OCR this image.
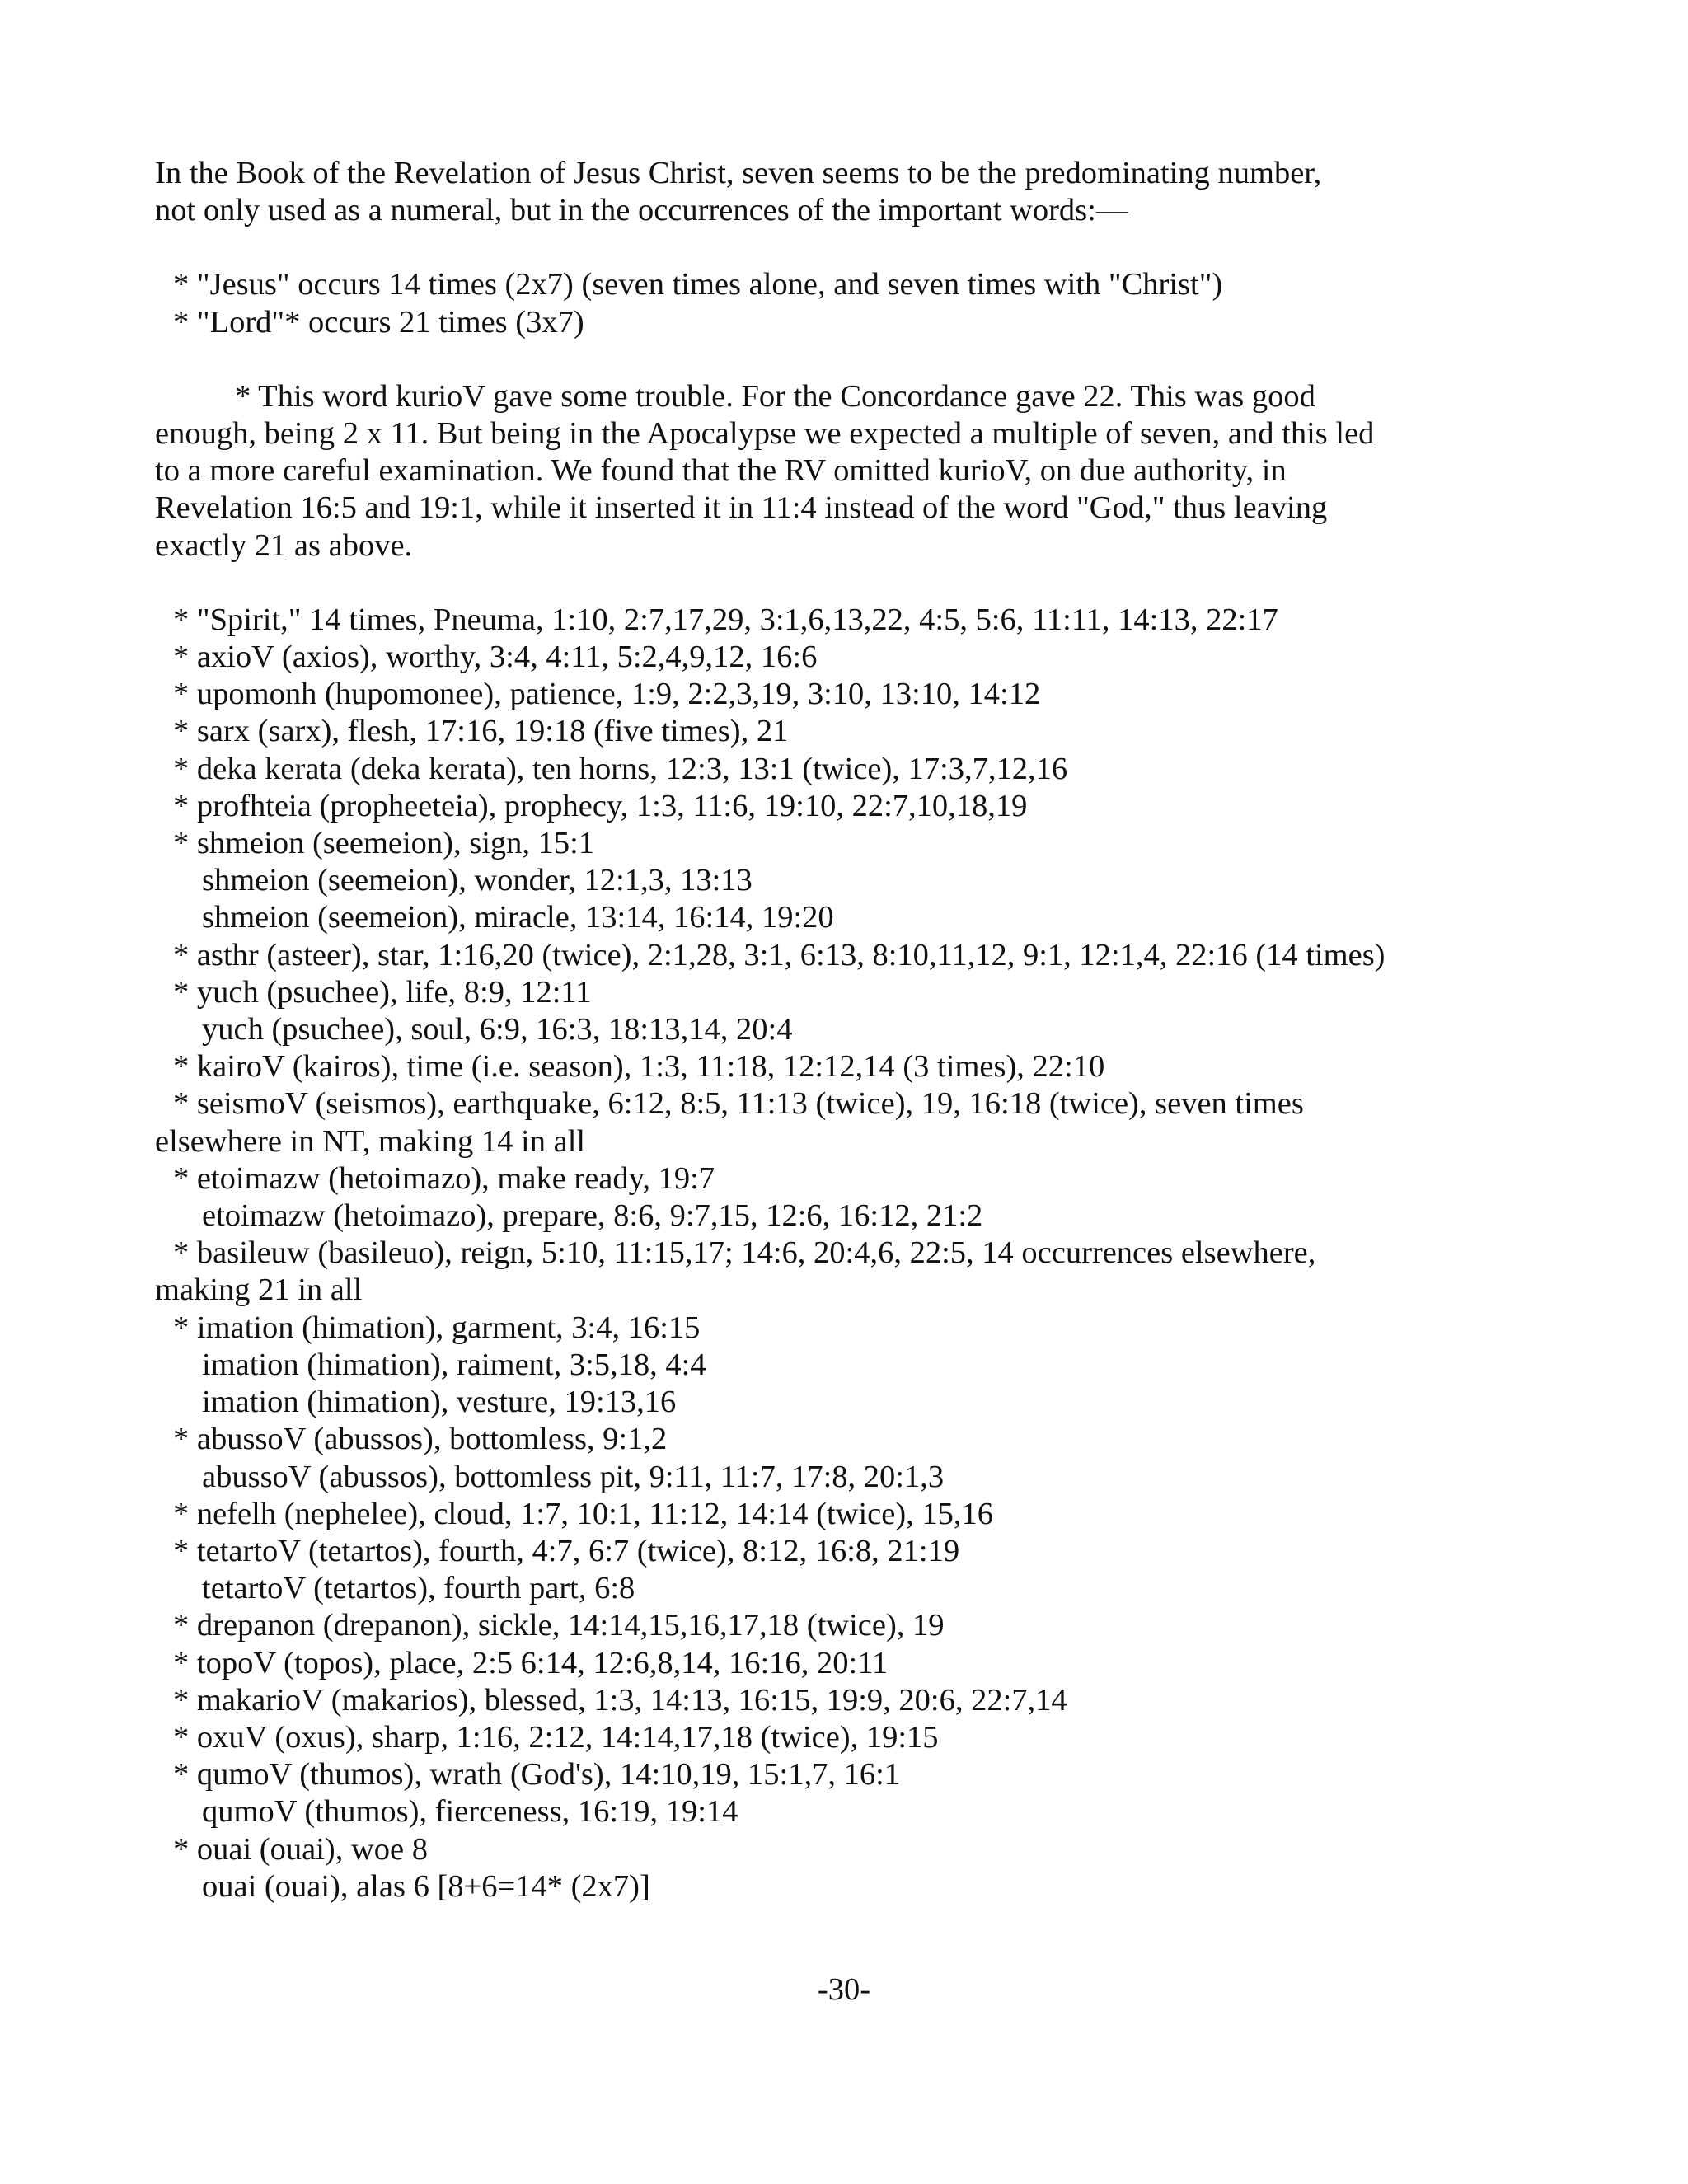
In the Book of the Revelation of Jesus Christ, seven seems to be the predominating number,
not only used as a numeral, but in the occurrences of the important words:—

* "Jesus" occurs 14 times (2x7) (seven times alone, and seven times with "Christ")

* "Lord"* occurs 21 times (3x7)

* This word kurioV gave some trouble. For the Concordance gave 22. This was good
enough, being 2 x 11. But being in the Apocalypse we expected a multiple of seven, and this led
to a more careful examination. We found that the RV omitted kurioV, on due authority, in
Revelation 16:5 and 19:1, while it inserted it in 11:4 instead of the word "God," thus leaving
exactly 21 as above.

* "Spirit," 14 times, Pneuma, 1:10, 2:7,17,29, 3:1,6,13,22, 4:5, 5:6, 11:11, 14:13, 22:17

* axioV (axios), worthy, 3:4, 4:11, 5:2,4,9,12, 16:6

* upomonh (hupomonee), patience, 1:9, 2:2,3,19, 3:10, 13:10, 14:12

* sarx (sarx), flesh, 17:16, 19:18 (five times), 21

* deka kerata (deka kerata), ten horns, 12:3, 13:1 (twice), 17:3,7,12,16

* profhteia (propheeteia), prophecy, 1:3, 11:6, 19:10, 22:7,10,18,19

* shmeion (seemeion), sign, 15:1

shmeion (seemeion), wonder, 12:1,3, 13:13

shmeion (seemeion), miracle, 13:14, 16:14, 19:20

* asthr (asteer), star, 1:16,20 (twice), 2:1,28, 3:1, 6:13, 8:10,11,12, 9:1, 12:1,4, 22:16 (14 times)

* yuch (psuchee), life, 8:9, 12:11

yuch (psuchee), soul, 6:9, 16:3, 18:13,14, 20:4

* kairoV (kairos), time (i.e. season), 1:3, 11:18, 12:12,14 (3 times), 22:10

* seismoV (seismos), earthquake, 6:12, 8:5, 11:13 (twice), 19, 16:18 (twice), seven times

elsewhere in NT, making 14 in all

* etoimazw (hetoimazo), make ready, 19:7

etoimazw (hetoimazo), prepare, 8:6, 9:7,15, 12:6, 16:12, 21:2

* basileuw (basileuo), reign, 5:10, 11:15,17; 14:6, 20:4,6, 22:5, 14 occurrences elsewhere,

making 21 in all

* imation (himation), garment, 3:4, 16:15

imation (himation), raiment, 3:5,18, 4:4

imation (himation), vesture, 19:13,16

* abussoV (abussos), bottomless, 9:1,2

abussoV (abussos), bottomless pit, 9:11, 11:7, 17:8, 20:1,3

* nefelh (nephelee), cloud, 1:7, 10:1, 11:12, 14:14 (twice), 15,16

* tetartoV (tetartos), fourth, 4:7, 6:7 (twice), 8:12, 16:8, 21:19

tetartoV (tetartos), fourth part, 6:8

* drepanon (drepanon), sickle, 14:14,15,16,17,18 (twice), 19

* topoV (topos), place, 2:5 6:14, 12:6,8,14, 16:16, 20:11

* makarioV (makarios), blessed, 1:3, 14:13, 16:15, 19:9, 20:6, 22:7,14

* oxuV (oxus), sharp, 1:16, 2:12, 14:14,17,18 (twice), 19:15

* qumoV (thumos), wrath (God's), 14:10,19, 15:1,7, 16:1

qumoV (thumos), fierceness, 16:19, 19:14

* ouai (ouai), woe 8

ouai (ouai), alas 6 [8+6=14* (2x7)]

-30-
